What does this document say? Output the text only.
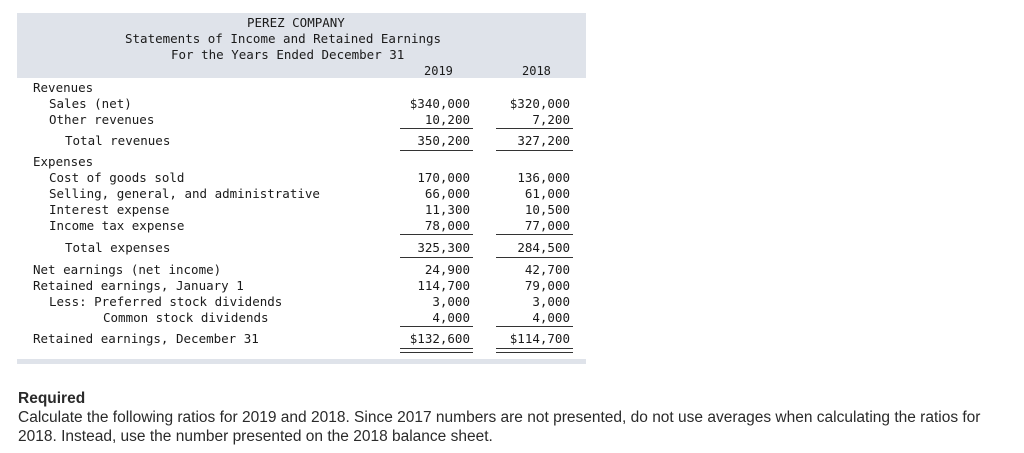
PEREZ COMPANY
Statements of Income and Retained Earnings
For the Years Ended December 31
2019	2018
Revenues
Sales (net)	$340,000	$320,000
Other revenues	10,200	7,200
Total revenues	350,200	327,200
Expenses
Cost of goods sold	170,000	136,000
Selling, general, and administrative	66,000	61,000
Interest expense	11,300	10,500
Income tax expense	78,000	77,000
Total expenses	325,300	284,500
Net earnings (net income)	24,900	42,700
Retained earnings, January 1	114,700	79,000
Less: Preferred stock dividends	3,000	3,000
Common stock dividends	4,000	4,000
Retained earnings, December 31	$132,600	$114,700
Required
Calculate the following ratios for 2019 and 2018. Since 2017 numbers are not presented, do not use averages when calculating the ratios for 2018. Instead, use the number presented on the 2018 balance sheet.
